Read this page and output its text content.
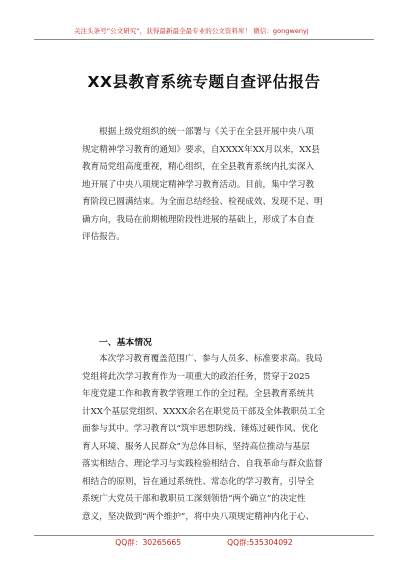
关注头条号“公文研究”，获得最新最全最专业的公文资料库！ 微信：gongwenyj
XX县教育系统专题自查评估报告
根据上级党组织的统一部署与《关于在全县开展中央八项
规定精神学习教育的通知》要求，自XXXX年XX月以来，XX县
教育局党组高度重视，精心组织，在全县教育系统内扎实深入
地开展了中央八项规定精神学习教育活动。目前，集中学习教
育阶段已圆满结束。为全面总结经验、检视成效、发现不足、明
确方向，我局在前期梳理阶段性进展的基础上，形成了本自查
评估报告。
一、基本情况
本次学习教育覆盖范围广、参与人员多、标准要求高。我局
党组将此次学习教育作为一项重大的政治任务，贯穿于2025
年度党建工作和教育教学管理工作的全过程。全县教育系统共
计XX个基层党组织、XXXX余名在职党员干部及全体教职员工全
面参与其中。学习教育以“筑牢思想防线、锤炼过硬作风、优化
育人环境、服务人民群众”为总体目标，坚持高位推动与基层
落实相结合、理论学习与实践检验相结合、自我革命与群众监督
相结合的原则，旨在通过系统性、常态化的学习教育，引导全
系统广大党员干部和教职员工深刻领悟“两个确立”的决定性
意义，坚决做到“两个维护”，将中央八项规定精神内化于心、
QQ群：30265665	QQ群:535304092
